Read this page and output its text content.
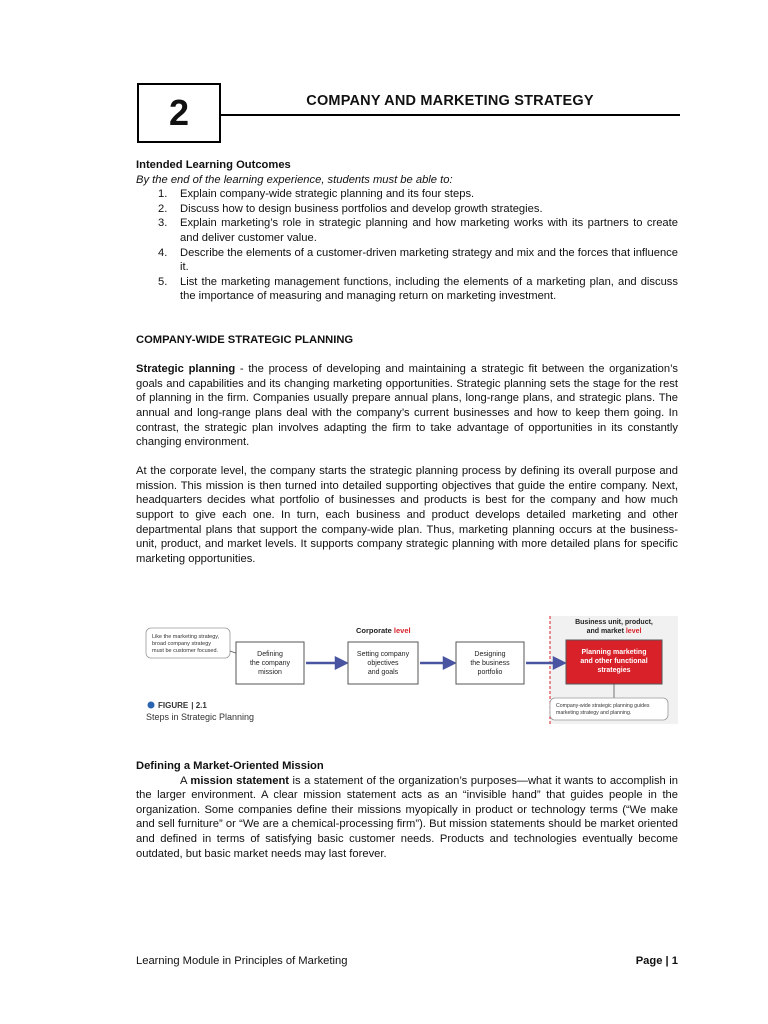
2	COMPANY AND MARKETING STRATEGY

Intended Learning Outcomes

By the end of the learning experience, students must be able to:

1. Explain company-wide strategic planning and its four steps.
2. Discuss how to design business portfolios and develop growth strategies.
3. Explain marketing’s role in strategic planning and how marketing works with its partners to create and deliver customer value.
4. Describe the elements of a customer-driven marketing strategy and mix and the forces that influence it.
5. List the marketing management functions, including the elements of a marketing plan, and discuss the importance of measuring and managing return on marketing investment.

COMPANY-WIDE STRATEGIC PLANNING

Strategic planning - the process of developing and maintaining a strategic fit between the organization’s goals and capabilities and its changing marketing opportunities. Strategic planning sets the stage for the rest of planning in the firm. Companies usually prepare annual plans, long-range plans, and strategic plans. The annual and long-range plans deal with the company’s current businesses and how to keep them going. In contrast, the strategic plan involves adapting the firm to take advantage of opportunities in its constantly changing environment.

At the corporate level, the company starts the strategic planning process by defining its overall purpose and mission. This mission is then turned into detailed supporting objectives that guide the entire company. Next, headquarters decides what portfolio of businesses and products is best for the company and how much support to give each one. In turn, each business and product develops detailed marketing and other departmental plans that support the company-wide plan. Thus, marketing planning occurs at the business-unit, product, and market levels. It supports company strategic planning with more detailed plans for specific marketing opportunities.

Like the marketing strategy,
broad company strategy
must be customer focused.
Corporate level
Business unit, product,
and market level
Defining
the company
mission
Setting company
objectives
and goals
Designing
the business
portfolio
Planning marketing
and other functional
strategies
Company-wide strategic planning guides
marketing strategy and planning.
FIGURE | 2.1
Steps in Strategic Planning

Defining a Market-Oriented Mission

A mission statement is a statement of the organization’s purposes—what it wants to accomplish in the larger environment. A clear mission statement acts as an “invisible hand” that guides people in the organization. Some companies define their missions myopically in product or technology terms (“We make and sell furniture” or “We are a chemical-processing firm”). But mission statements should be market oriented and defined in terms of satisfying basic customer needs. Products and technologies eventually become outdated, but basic market needs may last forever.

Learning Module in Principles of Marketing	Page | 1
